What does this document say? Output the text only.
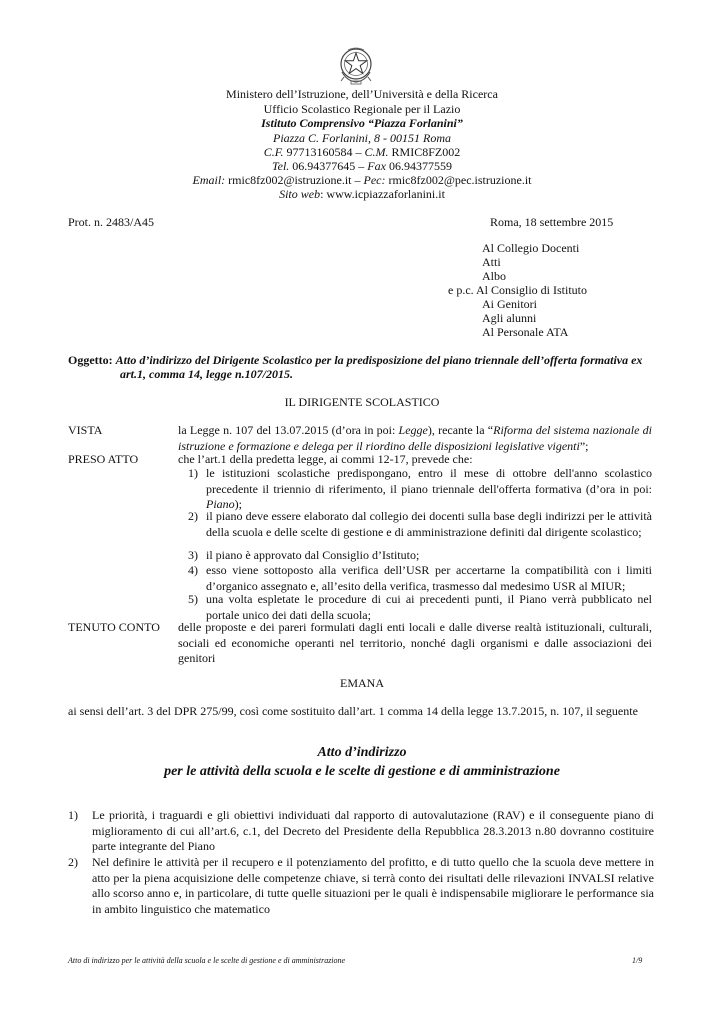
Ministero dell’Istruzione, dell’Università e della Ricerca
Ufficio Scolastico Regionale per il Lazio
Istituto Comprensivo “Piazza Forlanini”
Piazza C. Forlanini, 8 - 00151 Roma
C.F. 97713160584 – C.M. RMIC8FZ002
Tel. 06.94377645 – Fax 06.94377559
Email: rmic8fz002@istruzione.it – Pec: rmic8fz002@pec.istruzione.it
Sito web: www.icpiazzaforlanini.it
Prot. n. 2483/A45	Roma, 18 settembre 2015
Al Collegio Docenti
Atti
Albo
e p.c. Al Consiglio di Istituto
Ai Genitori
Agli alunni
Al Personale ATA
Oggetto: Atto d’indirizzo del Dirigente Scolastico per la predisposizione del piano triennale dell’offerta formativa ex
art.1, comma 14, legge n.107/2015.
IL DIRIGENTE SCOLASTICO
VISTA	la Legge n. 107 del 13.07.2015 (d’ora in poi: Legge), recante la “Riforma del sistema nazionale di istruzione e formazione e delega per il riordino delle disposizioni legislative vigenti”;
PRESO ATTO	che l’art.1 della predetta legge, ai commi 12-17, prevede che:
1) le istituzioni scolastiche predispongano, entro il mese di ottobre dell'anno scolastico precedente il triennio di riferimento, il piano triennale dell'offerta formativa (d’ora in poi: Piano);
2) il piano deve essere elaborato dal collegio dei docenti sulla base degli indirizzi per le attività della scuola e delle scelte di gestione e di amministrazione definiti dal dirigente scolastico;
3) il piano è approvato dal Consiglio d’Istituto;
4) esso viene sottoposto alla verifica dell’USR per accertarne la compatibilità con i limiti d’organico assegnato e, all’esito della verifica, trasmesso dal medesimo USR al MIUR;
5) una volta espletate le procedure di cui ai precedenti punti, il Piano verrà pubblicato nel portale unico dei dati della scuola;
TENUTO CONTO delle proposte e dei pareri formulati dagli enti locali e dalle diverse realtà istituzionali, culturali, sociali ed economiche operanti nel territorio, nonché dagli organismi e dalle associazioni dei genitori
EMANA
ai sensi dell’art. 3 del DPR 275/99, così come sostituito dall’art. 1 comma 14 della legge 13.7.2015, n. 107, il seguente
Atto d’indirizzo
per le attività della scuola e le scelte di gestione e di amministrazione
1) Le priorità, i traguardi e gli obiettivi individuati dal rapporto di autovalutazione (RAV) e il conseguente piano di miglioramento di cui all’art.6, c.1, del Decreto del Presidente della Repubblica 28.3.2013 n.80 dovranno costituire parte integrante del Piano
2) Nel definire le attività per il recupero e il potenziamento del profitto, e di tutto quello che la scuola deve mettere in atto per la piena acquisizione delle competenze chiave, si terrà conto dei risultati delle rilevazioni INVALSI relative allo scorso anno e, in particolare, di tutte quelle situazioni per le quali è indispensabile migliorare le performance sia in ambito linguistico che matematico
Atto di indirizzo per le attività della scuola e le scelte di gestione e di amministrazione	1/9
